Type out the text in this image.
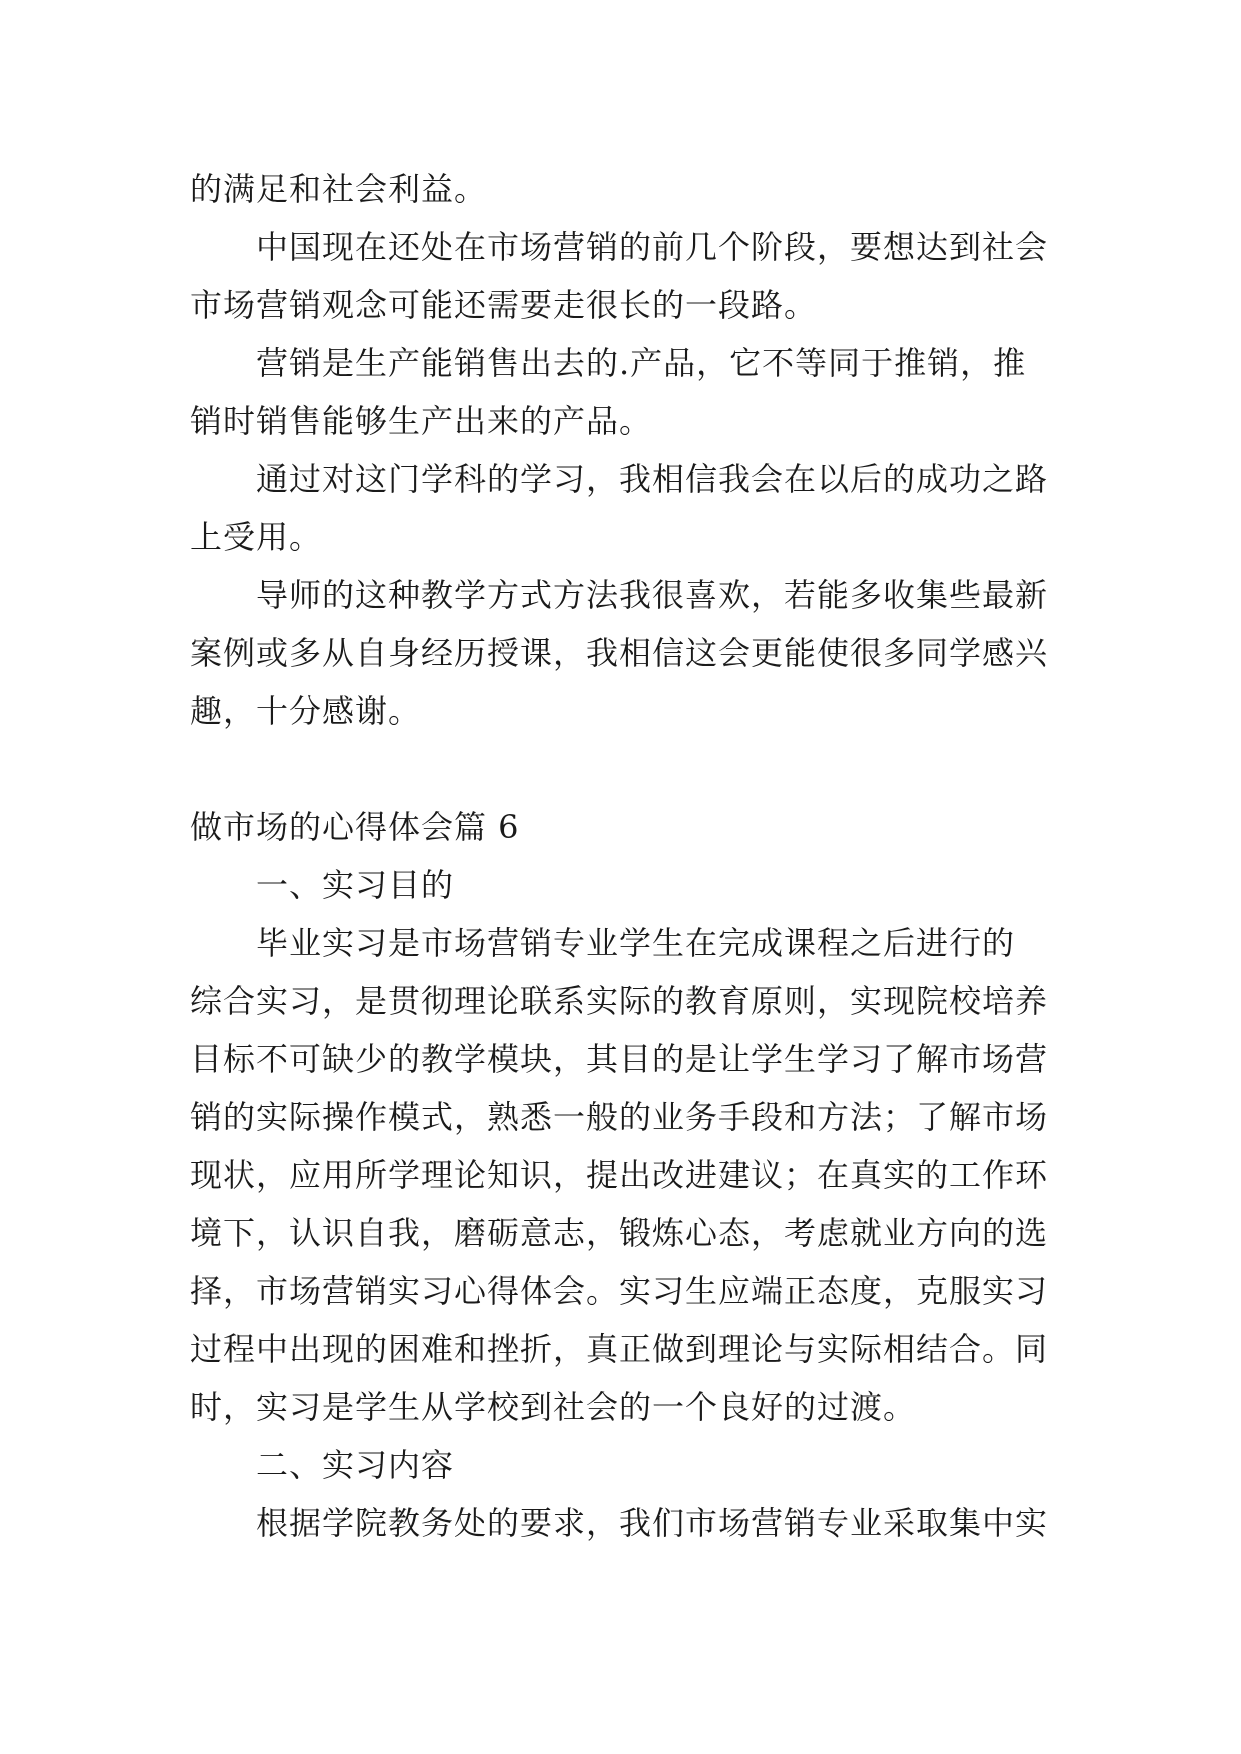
的满足和社会利益。
中国现在还处在市场营销的前几个阶段，要想达到社会
市场营销观念可能还需要走很长的一段路。
营销是生产能销售出去的.产品，它不等同于推销，推
销时销售能够生产出来的产品。
通过对这门学科的学习，我相信我会在以后的成功之路
上受用。
导师的这种教学方式方法我很喜欢，若能多收集些最新
案例或多从自身经历授课，我相信这会更能使很多同学感兴
趣，十分感谢。
做市场的心得体会篇 6
一、实习目的
毕业实习是市场营销专业学生在完成课程之后进行的
综合实习，是贯彻理论联系实际的教育原则，实现院校培养
目标不可缺少的教学模块，其目的是让学生学习了解市场营
销的实际操作模式，熟悉一般的业务手段和方法；了解市场
现状，应用所学理论知识，提出改进建议；在真实的工作环
境下，认识自我，磨砺意志，锻炼心态，考虑就业方向的选
择，市场营销实习心得体会。实习生应端正态度，克服实习
过程中出现的困难和挫折，真正做到理论与实际相结合。同
时，实习是学生从学校到社会的一个良好的过渡。
二、实习内容
根据学院教务处的要求，我们市场营销专业采取集中实
